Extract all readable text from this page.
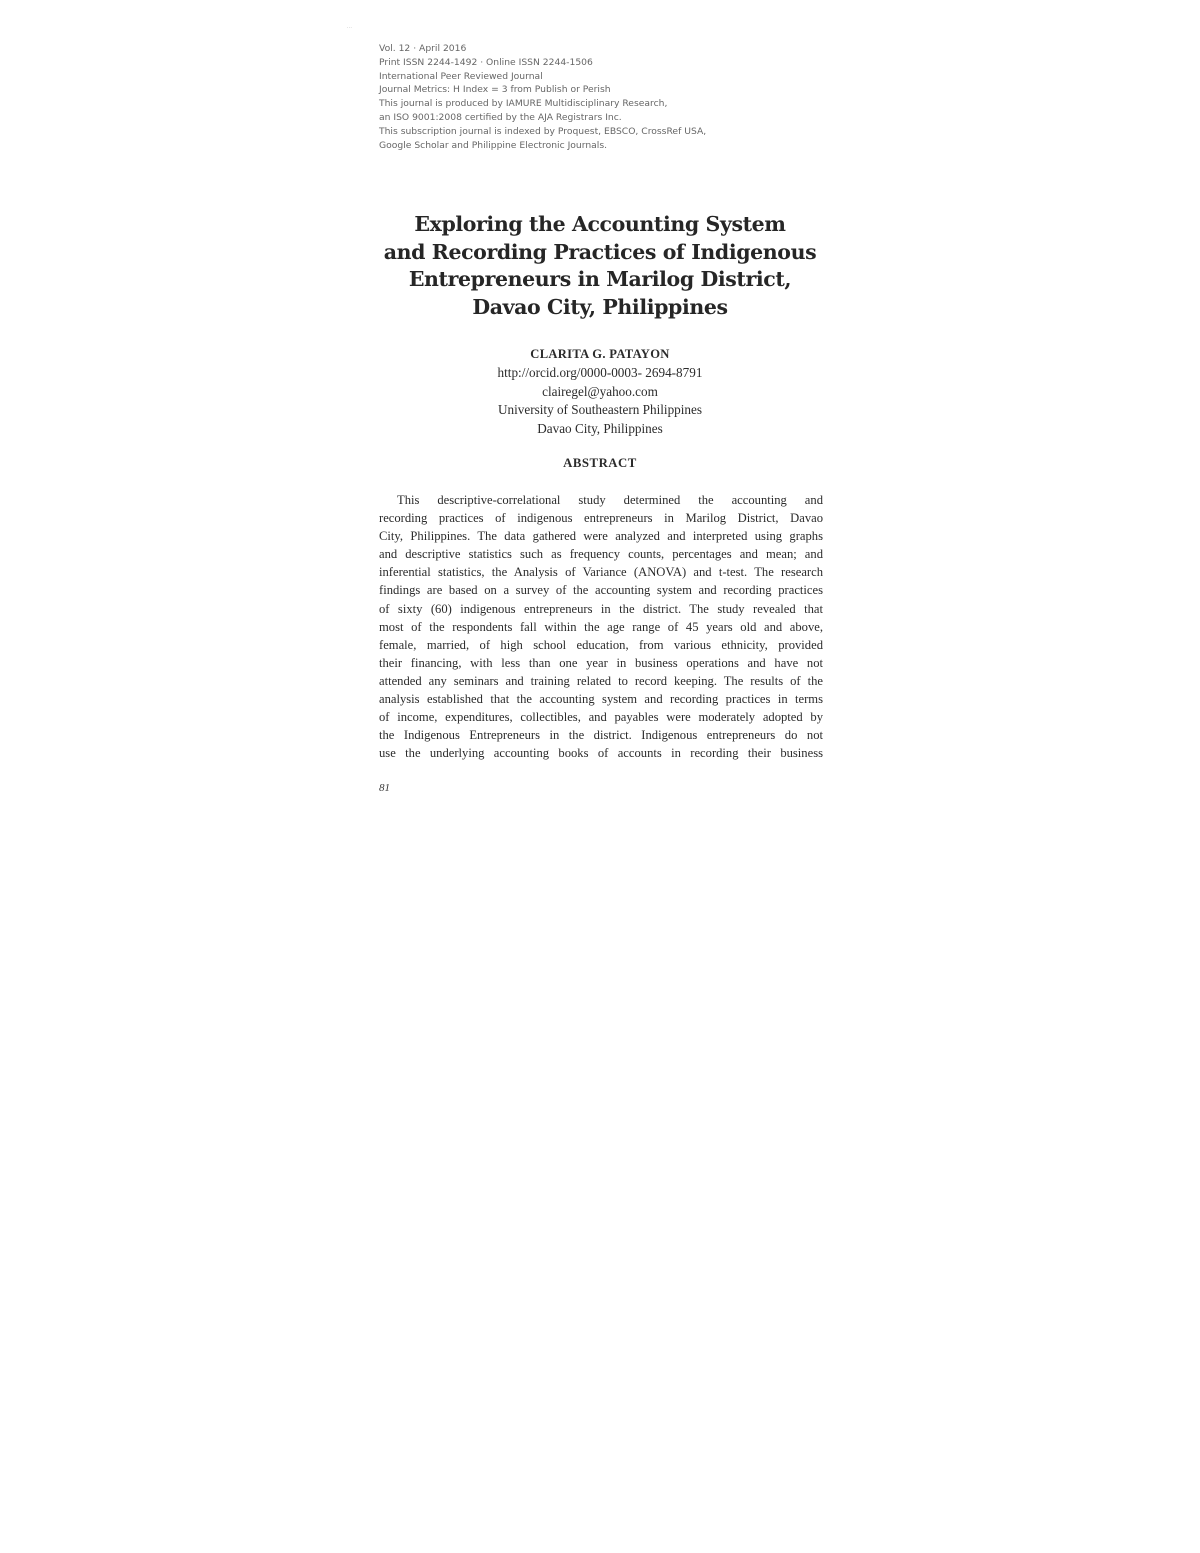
...
Vol. 12 · April 2016
Print ISSN 2244-1492 · Online ISSN 2244-1506
International Peer Reviewed Journal
Journal Metrics: H Index = 3 from Publish or Perish
This journal is produced by IAMURE Multidisciplinary Research,
an ISO 9001:2008 certified by the AJA Registrars Inc.
This subscription journal is indexed by Proquest, EBSCO, CrossRef USA,
Google Scholar and Philippine Electronic Journals.
Exploring the Accounting System
and Recording Practices of Indigenous
Entrepreneurs in Marilog District,
Davao City, Philippines
CLARITA G. PATAYON
http://orcid.org/0000-0003- 2694-8791
clairegel@yahoo.com
University of Southeastern Philippines
Davao City, Philippines
ABSTRACT
This descriptive-correlational study determined the accounting and
recording practices of indigenous entrepreneurs in Marilog District, Davao
City, Philippines. The data gathered were analyzed and interpreted using graphs
and descriptive statistics such as frequency counts, percentages and mean; and
inferential statistics, the Analysis of Variance (ANOVA) and t-test. The research
findings are based on a survey of the accounting system and recording practices
of sixty (60) indigenous entrepreneurs in the district. The study revealed that
most of the respondents fall within the age range of 45 years old and above,
female, married, of high school education, from various ethnicity, provided
their financing, with less than one year in business operations and have not
attended any seminars and training related to record keeping. The results of the
analysis established that the accounting system and recording practices in terms
of income, expenditures, collectibles, and payables were moderately adopted by
the Indigenous Entrepreneurs in the district. Indigenous entrepreneurs do not
use the underlying accounting books of accounts in recording their business
81
